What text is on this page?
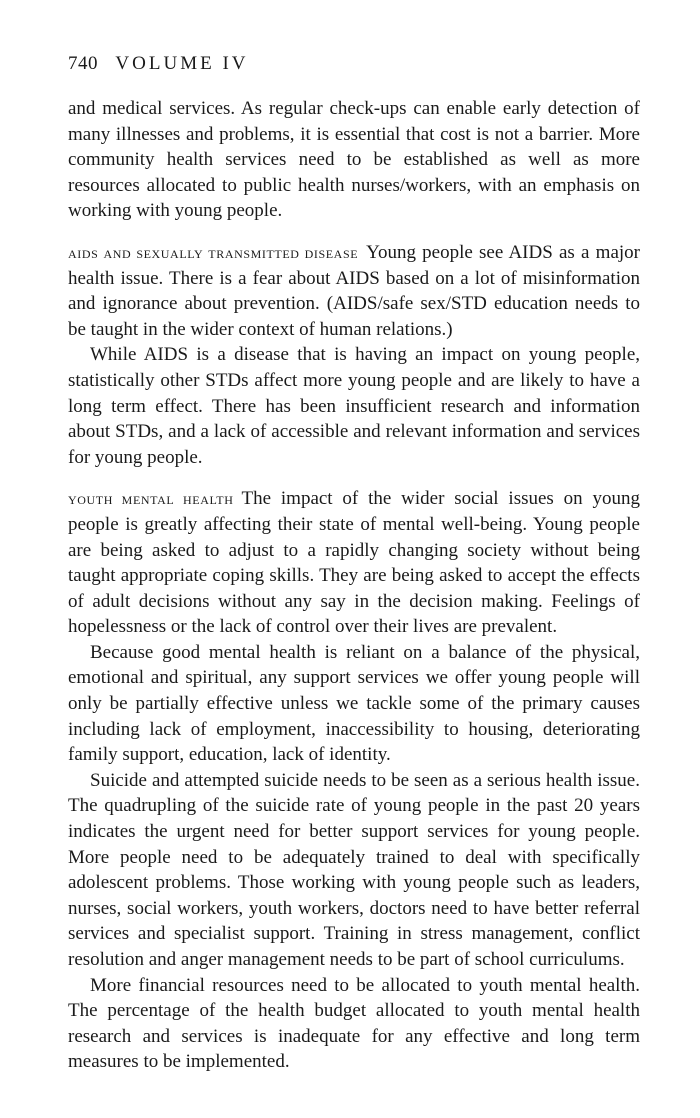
740 VOLUME IV

and medical services. As regular check-ups can enable early detection of many illnesses and problems, it is essential that cost is not a barrier. More community health services need to be established as well as more resources allocated to public health nurses/workers, with an emphasis on working with young people.

aids and sexually transmitted disease Young people see AIDS as a major health issue. There is a fear about AIDS based on a lot of misinformation and ignorance about prevention. (AIDS/safe sex/STD education needs to be taught in the wider context of human relations.)

While AIDS is a disease that is having an impact on young people, statistically other STDs affect more young people and are likely to have a long term effect. There has been insufficient research and information about STDs, and a lack of accessible and relevant information and services for young people.

youth mental health The impact of the wider social issues on young people is greatly affecting their state of mental well-being. Young people are being asked to adjust to a rapidly changing society without being taught appropriate coping skills. They are being asked to accept the effects of adult decisions without any say in the decision making. Feelings of hopelessness or the lack of control over their lives are prevalent.

Because good mental health is reliant on a balance of the physical, emotional and spiritual, any support services we offer young people will only be partially effective unless we tackle some of the primary causes including lack of employment, inaccessibility to housing, deteriorating family support, education, lack of identity.

Suicide and attempted suicide needs to be seen as a serious health issue. The quadrupling of the suicide rate of young people in the past 20 years indicates the urgent need for better support services for young people. More people need to be adequately trained to deal with specifically adolescent problems. Those working with young people such as leaders, nurses, social workers, youth workers, doctors need to have better referral services and specialist support. Training in stress management, conflict resolution and anger management needs to be part of school curriculums.

More financial resources need to be allocated to youth mental health. The percentage of the health budget allocated to youth mental health research and services is inadequate for any effective and long term measures to be implemented.
